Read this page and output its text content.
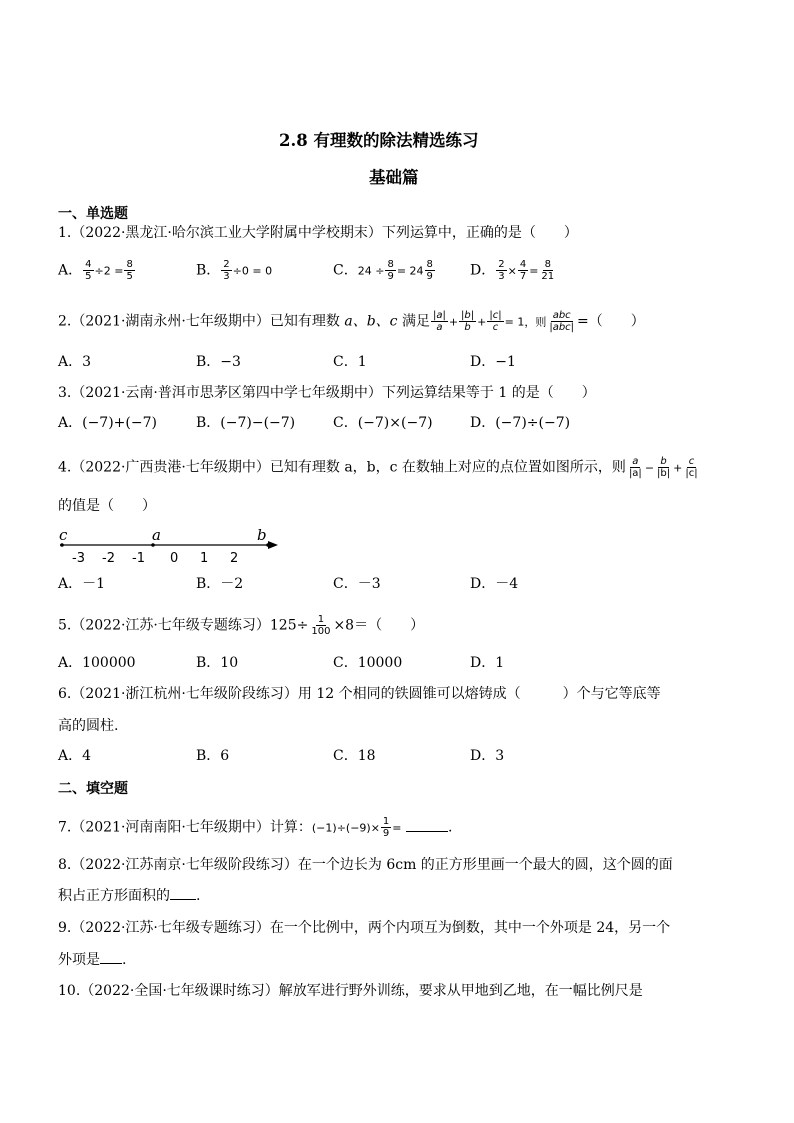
2.8 有理数的除法精选练习
基础篇
一、单选题
1.（2022·黑龙江·哈尔滨工业大学附属中学校期末）下列运算中，正确的是（　　）
A． $\frac{4}{5} \div 2 = \frac{8}{5}$	B． $\frac{2}{3} \div 0 = 0$	C．$24 \div \frac{8}{9} = 24 \frac{8}{9}$	D． $\frac{2}{3} \times \frac{4}{7} = \frac{8}{21}$
2.（2021·湖南永州·七年级期中）已知有理数 a、b、c 满足 $\frac{|a|}{a} + \frac{|b|}{b} + \frac{|c|}{c} = 1$，则 $\frac{\text{abc}}{\text{|abc|}}$ =（　　）
A．3	B．−3	C．1	D．−1
3.（2021·云南·普洱市思茅区第四中学七年级期中）下列运算结果等于 1 的是（　　）
A．(−7)+(−7)	B．(−7)−(−7)	C．(−7)×(−7)	D．(−7)÷(−7)
4.（2022·广西贵港·七年级期中）已知有理数 a，b，c 在数轴上对应的点位置如图所示，则 $\frac{a}{|a|} - \frac{b}{|b|} + \frac{c}{|c|}$
的值是（　　）
c	a	b
-3 -2 -1 0 1 2
A．－1	B．－2	C．－3	D．－4
5.（2022·江苏·七年级专题练习）$125\div \frac{1}{100} \times 8=$（　　）
A．100000	B．10	C．10000	D．1
6.（2021·浙江杭州·七年级阶段练习）用 12 个相同的铁圆锥可以熔铸成（　　　）个与它等底等
高的圆柱.
A．4	B．6	C．18	D．3
二、填空题
7.（2021·河南南阳·七年级期中）计算：$(-1)\div(-9)\times \frac{1}{9}$ =	.
8.（2022·江苏南京·七年级阶段练习）在一个边长为 6cm 的正方形里画一个最大的圆，这个圆的面
积占正方形面积的 .
9.（2022·江苏·七年级专题练习）在一个比例中，两个内项互为倒数，其中一个外项是 24，另一个
外项是 .
10.（2022·全国·七年级课时练习）解放军进行野外训练，要求从甲地到乙地，在一幅比例尺是
